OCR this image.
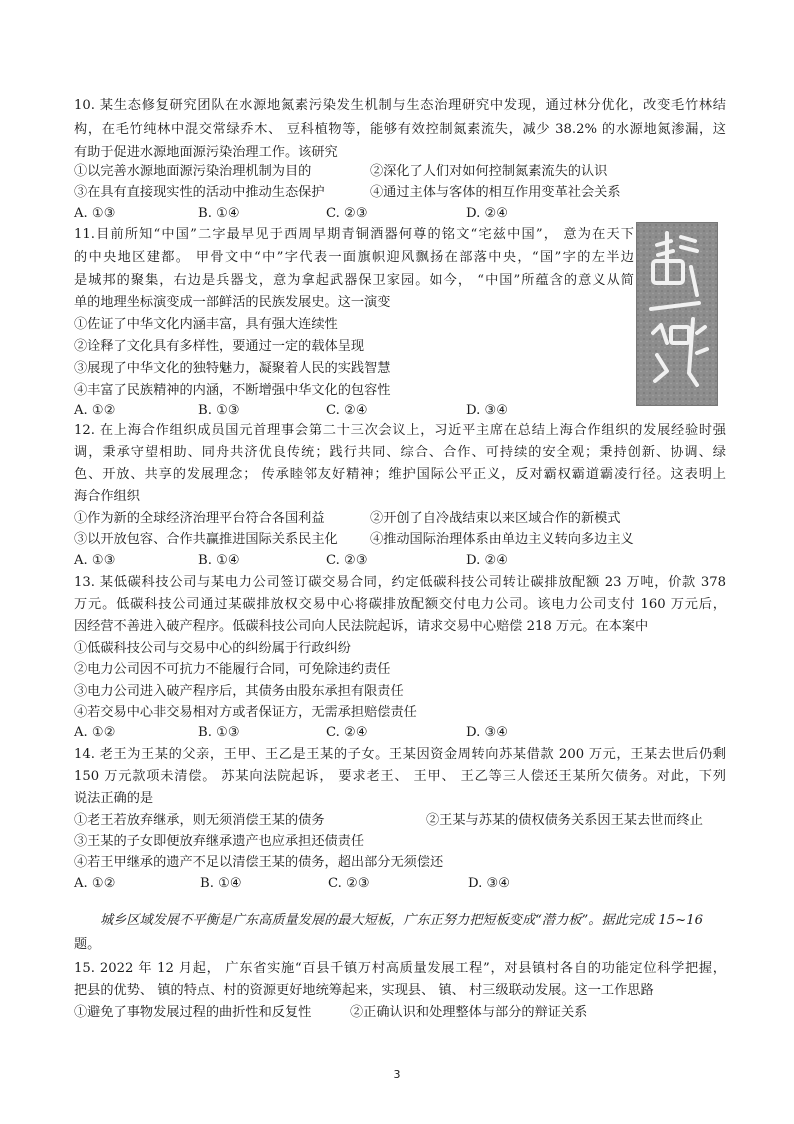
10. 某生态修复研究团队在水源地氮素污染发生机制与生态治理研究中发现，通过林分优化，改变毛竹林结
构，在毛竹纯林中混交常绿乔木、 豆科植物等，能够有效控制氮素流失，减少 38.2% 的水源地氮渗漏，这
有助于促进水源地面源污染治理工作。该研究
①以完善水源地面源污染治理机制为目的	②深化了人们对如何控制氮素流失的认识
③在具有直接现实性的活动中推动生态保护	④通过主体与客体的相互作用变革社会关系
A. ①③	B. ①④	C. ②③	D. ②④
11.目前所知“中国”二字最早见于西周早期青铜酒器何尊的铭文“宅兹中国”， 意为在天下
的中央地区建都。 甲骨文中“中”字代表一面旗帜迎风飘扬在部落中央，“国”字的左半边
是城邦的聚集，右边是兵器戈，意为拿起武器保卫家园。如今， “中国”所蕴含的意义从简
单的地理坐标演变成一部鲜活的民族发展史。这一演变
①佐证了中华文化内涵丰富，具有强大连续性
②诠释了文化具有多样性，要通过一定的载体呈现
③展现了中华文化的独特魅力，凝聚着人民的实践智慧
④丰富了民族精神的内涵，不断增强中华文化的包容性
A. ①②	B. ①③	C. ②④	D. ③④
12. 在上海合作组织成员国元首理事会第二十三次会议上，习近平主席在总结上海合作组织的发展经验时强
调，秉承守望相助、同舟共济优良传统；践行共同、综合、合作、可持续的安全观；秉持创新、协调、绿
色、开放、共享的发展理念； 传承睦邻友好精神；维护国际公平正义，反对霸权霸道霸凌行径。这表明上
海合作组织
①作为新的全球经济治理平台符合各国利益	②开创了自冷战结束以来区域合作的新模式
③以开放包容、合作共赢推进国际关系民主化	④推动国际治理体系由单边主义转向多边主义
A. ①③	B. ①④	C. ②③	D. ②④
13. 某低碳科技公司与某电力公司签订碳交易合同，约定低碳科技公司转让碳排放配额 23 万吨，价款 378
万元。低碳科技公司通过某碳排放权交易中心将碳排放配额交付电力公司。该电力公司支付 160 万元后，
因经营不善进入破产程序。低碳科技公司向人民法院起诉，请求交易中心赔偿 218 万元。在本案中
①低碳科技公司与交易中心的纠纷属于行政纠纷
②电力公司因不可抗力不能履行合同，可免除违约责任
③电力公司进入破产程序后，其债务由股东承担有限责任
④若交易中心非交易相对方或者保证方，无需承担赔偿责任
A. ①②	B. ①③	C. ②④	D. ③④
14. 老王为王某的父亲，王甲、王乙是王某的子女。王某因资金周转向苏某借款 200 万元，王某去世后仍剩
150 万元款项未清偿。 苏某向法院起诉， 要求老王、 王甲、 王乙等三人偿还王某所欠债务。对此，下列
说法正确的是
①老王若放弃继承，则无须消偿王某的债务	②王某与苏某的债权债务关系因王某去世而终止
③王某的子女即便放弃继承遗产也应承担还债责任
④若王甲继承的遗产不足以清偿王某的债务，超出部分无须偿还
A. ①②	B. ①④	C. ②③	D. ③④
城乡区域发展不平衡是广东高质量发展的最大短板，广东正努力把短板变成“潜力板”。据此完成 15~16
题。
15. 2022 年 12 月起， 广东省实施“百县千镇万村高质量发展工程”，对县镇村各自的功能定位科学把握，
把县的优势、 镇的特点、村的资源更好地统筹起来，实现县、 镇、 村三级联动发展。这一工作思路
①避免了事物发展过程的曲折性和反复性	②正确认识和处理整体与部分的辩证关系
3
